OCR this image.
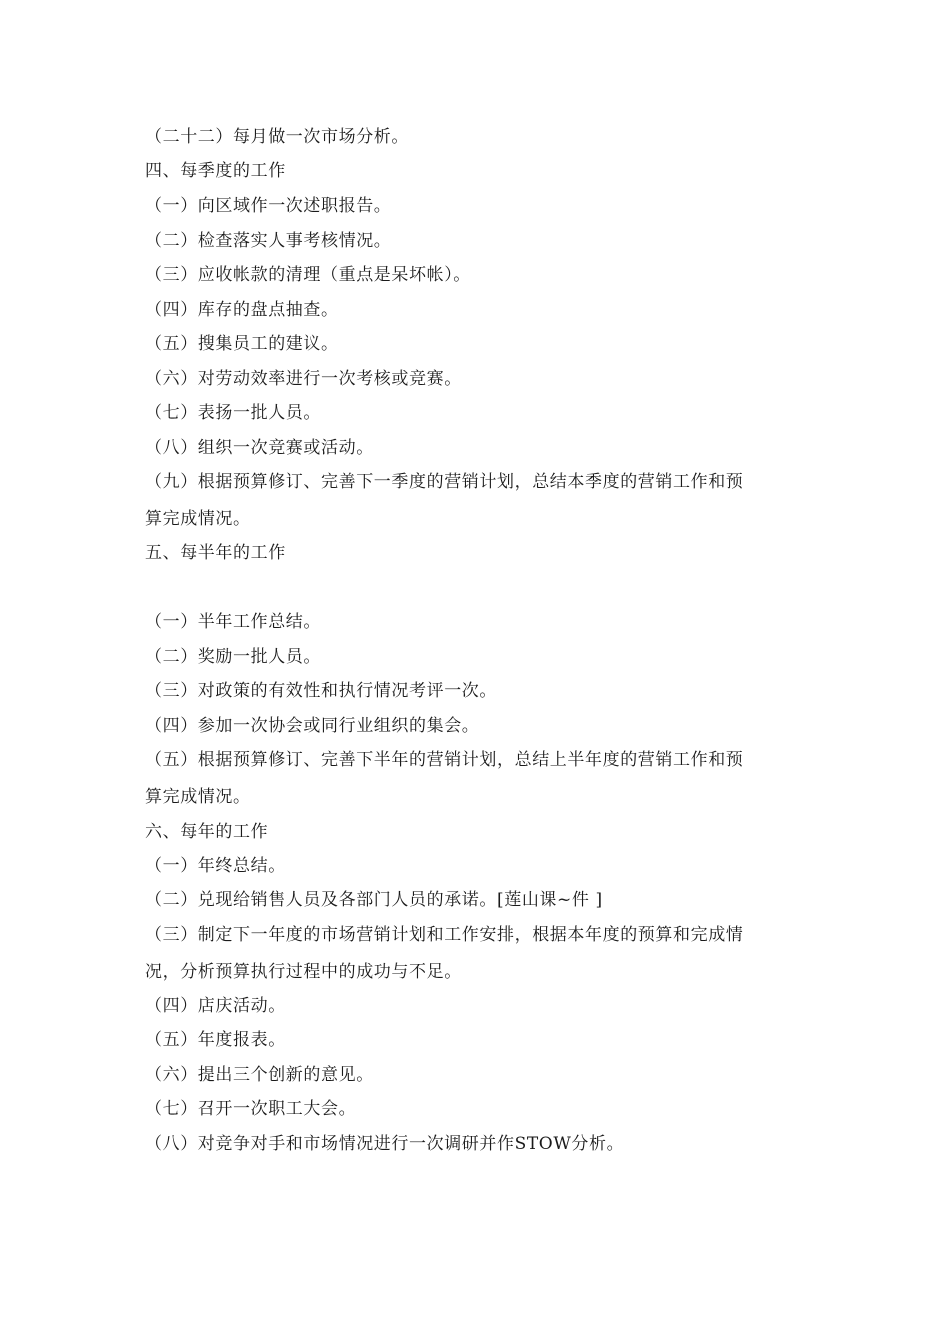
（二十二）每月做一次市场分析。
四、每季度的工作
（一）向区域作一次述职报告。
（二）检查落实人事考核情况。
（三）应收帐款的清理（重点是呆坏帐）。
（四）库存的盘点抽查。
（五）搜集员工的建议。
（六）对劳动效率进行一次考核或竞赛。
（七）表扬一批人员。
（八）组织一次竞赛或活动。
（九）根据预算修订、完善下一季度的营销计划，总结本季度的营销工作和预
算完成情况。
五、每半年的工作
（一）半年工作总结。
（二）奖励一批人员。
（三）对政策的有效性和执行情况考评一次。
（四）参加一次协会或同行业组织的集会。
（五）根据预算修订、完善下半年的营销计划，总结上半年度的营销工作和预
算完成情况。
六、每年的工作
（一）年终总结。
（二）兑现给销售人员及各部门人员的承诺。[莲山课~件 ]
（三）制定下一年度的市场营销计划和工作安排，根据本年度的预算和完成情
况，分析预算执行过程中的成功与不足。
（四）店庆活动。
（五）年度报表。
（六）提出三个创新的意见。
（七）召开一次职工大会。
（八）对竞争对手和市场情况进行一次调研并作STOW分析。
